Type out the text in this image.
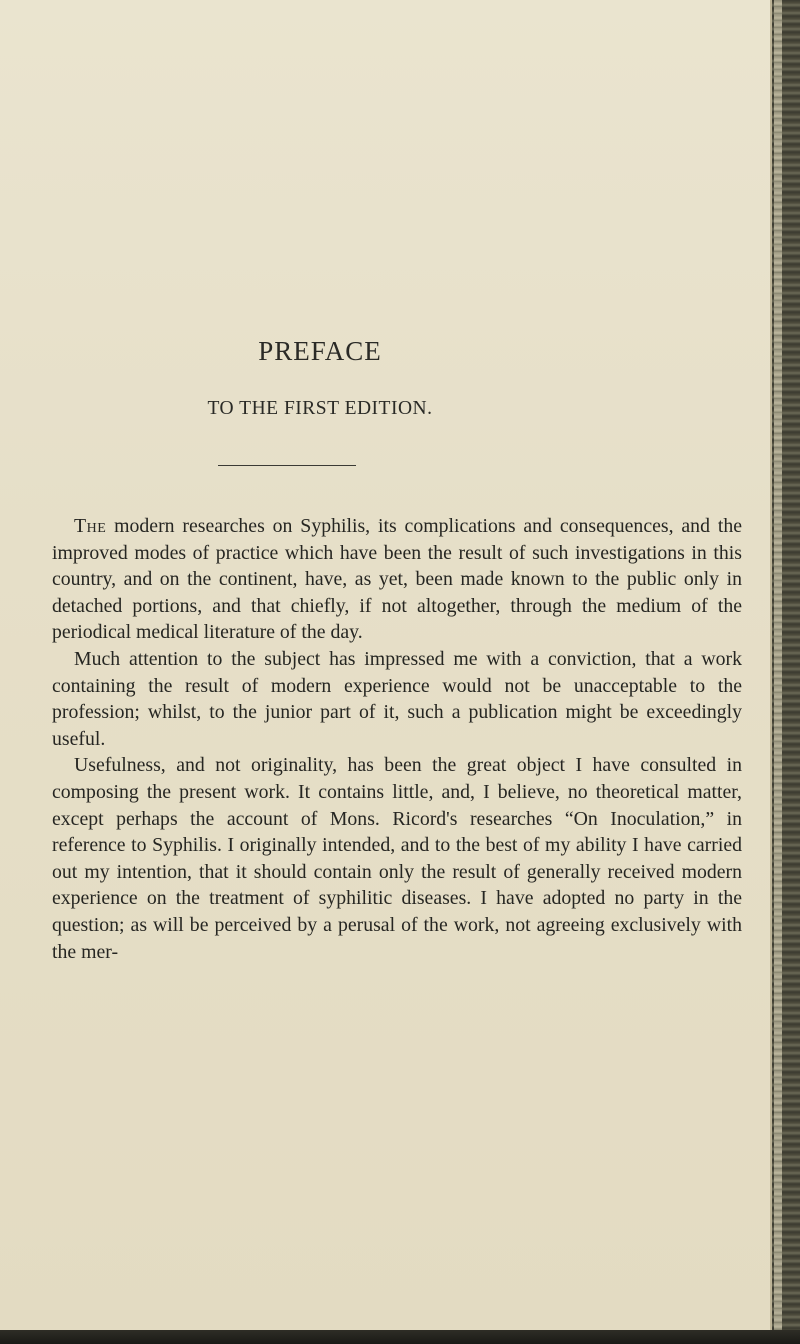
PREFACE
TO THE FIRST EDITION.

The modern researches on Syphilis, its complications and consequences, and the improved modes of practice which have been the result of such investigations in this country, and on the continent, have, as yet, been made known to the public only in detached portions, and that chiefly, if not altogether, through the medium of the periodical medical literature of the day.

Much attention to the subject has impressed me with a conviction, that a work containing the result of modern experience would not be unacceptable to the profession; whilst, to the junior part of it, such a publication might be exceedingly useful.

Usefulness, and not originality, has been the great object I have consulted in composing the present work. It contains little, and, I believe, no theoretical matter, except perhaps the account of Mons. Ricord's researches “On Inoculation,” in reference to Syphilis. I originally intended, and to the best of my ability I have carried out my intention, that it should contain only the result of generally received modern experience on the treatment of syphilitic diseases. I have adopted no party in the question; as will be perceived by a perusal of the work, not agreeing exclusively with the mer-
